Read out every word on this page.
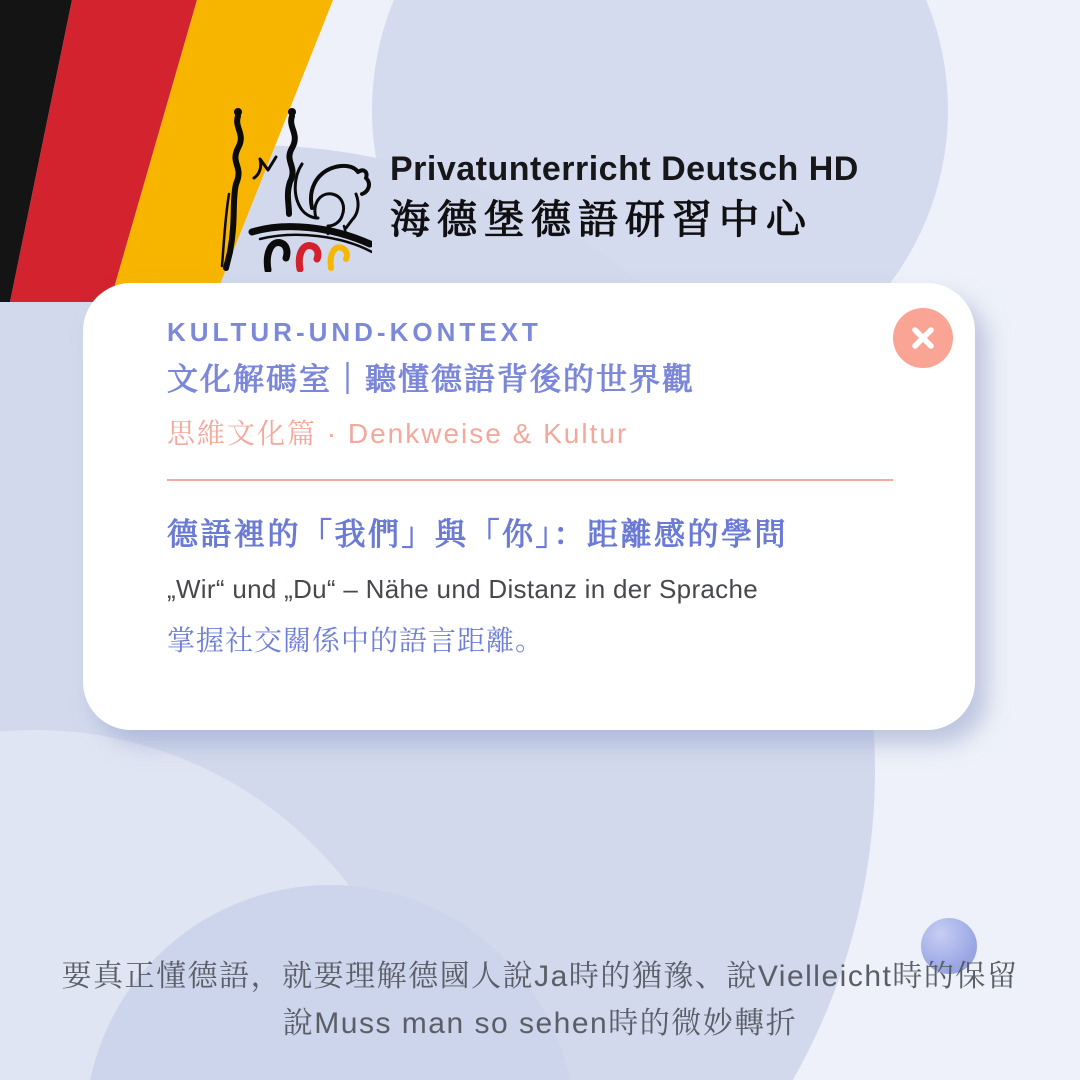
Privatunterricht Deutsch HD
海德堡德語研習中心
KULTUR-UND-KONTEXT
文化解碼室｜聽懂德語背後的世界觀
思維文化篇 · Denkweise & Kultur
德語裡的「我們」與「你」：距離感的學問
„Wir“ und „Du“ – Nähe und Distanz in der Sprache
掌握社交關係中的語言距離。
要真正懂德語，就要理解德國人說Ja時的猶豫、說Vielleicht時的保留
說Muss man so sehen時的微妙轉折
